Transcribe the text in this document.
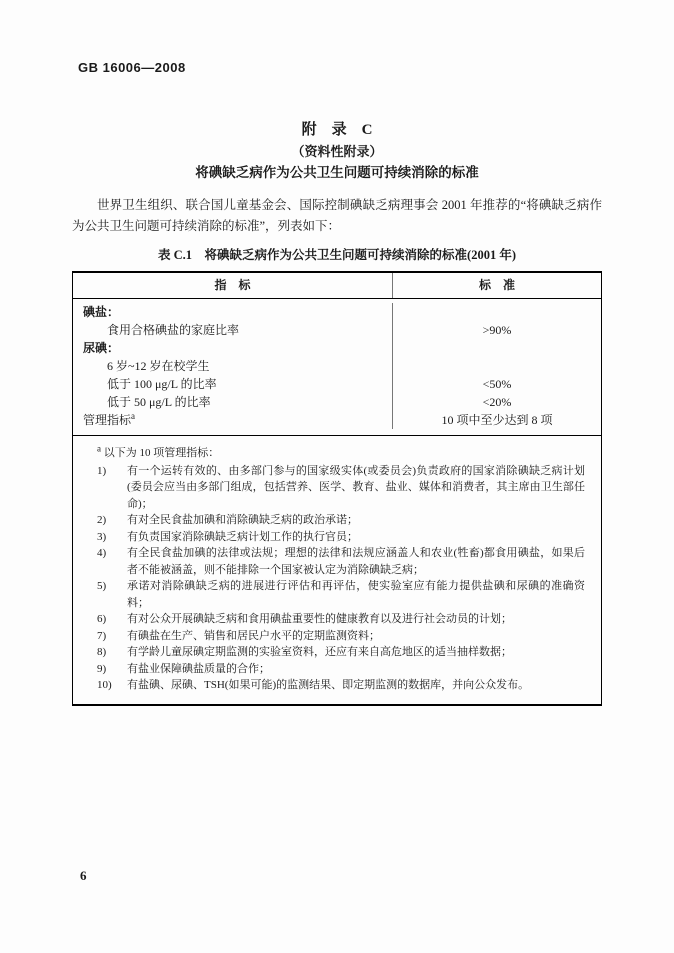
GB 16006—2008
附　录　C
（资料性附录）
将碘缺乏病作为公共卫生问题可持续消除的标准

世界卫生组织、联合国儿童基金会、国际控制碘缺乏病理事会 2001 年推荐的“将碘缺乏病作为公共卫生问题可持续消除的标准”，列表如下：

表 C.1　将碘缺乏病作为公共卫生问题可持续消除的标准(2001 年)
指　标	标　准
碘盐：
食用合格碘盐的家庭比率	>90%
尿碘：
6 岁~12 岁在校学生
低于 100 μg/L 的比率	<50%
低于 50 μg/L 的比率	<20%
管理指标$^a$	10 项中至少达到 8 项
$^a$ 以下为 10 项管理指标：
1)	有一个运转有效的、由多部门参与的国家级实体(或委员会)负责政府的国家消除碘缺乏病计划(委员会应当由多部门组成，包括营养、医学、教育、盐业、媒体和消费者，其主席由卫生部任命)；
2)	有对全民食盐加碘和消除碘缺乏病的政治承诺；
3)	有负责国家消除碘缺乏病计划工作的执行官员；
4)	有全民食盐加碘的法律或法规；理想的法律和法规应涵盖人和农业(牲畜)都食用碘盐，如果后者不能被涵盖，则不能排除一个国家被认定为消除碘缺乏病；
5)	承诺对消除碘缺乏病的进展进行评估和再评估，使实验室应有能力提供盐碘和尿碘的准确资料；
6)	有对公众开展碘缺乏病和食用碘盐重要性的健康教育以及进行社会动员的计划；
7)	有碘盐在生产、销售和居民户水平的定期监测资料；
8)	有学龄儿童尿碘定期监测的实验室资料，还应有来自高危地区的适当抽样数据；
9)	有盐业保障碘盐质量的合作；
10)	有盐碘、尿碘、TSH(如果可能)的监测结果、即定期监测的数据库，并向公众发布。
6
